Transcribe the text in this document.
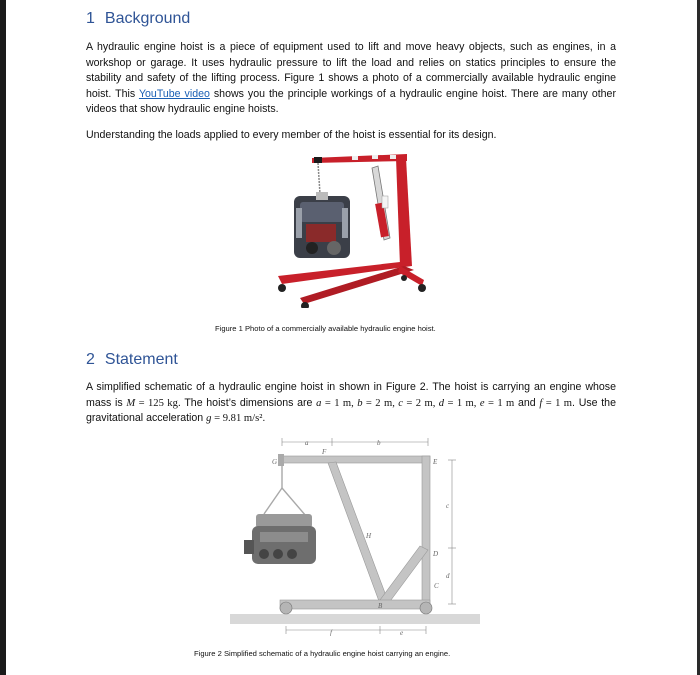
1 Background
A hydraulic engine hoist is a piece of equipment used to lift and move heavy objects, such as engines, in a workshop or garage. It uses hydraulic pressure to lift the load and relies on statics principles to ensure the stability and safety of the lifting process. Figure 1 shows a photo of a commercially available hydraulic engine hoist. This YouTube video shows you the principle workings of a hydraulic engine hoist. There are many other videos that show hydraulic engine hoists.
Understanding the loads applied to every member of the hoist is essential for its design.
Figure 1 Photo of a commercially available hydraulic engine hoist.
2 Statement
A simplified schematic of a hydraulic engine hoist in shown in Figure 2. The hoist is carrying an engine whose mass is M = 125 kg. The hoist’s dimensions are a = 1 m, b = 2 m, c = 2 m, d = 1 m, e = 1 m and f = 1 m. Use the gravitational acceleration g = 9.81 m/s².
a	b
G
F
E
H
D
C
B
c
d
f	e
Figure 2 Simplified schematic of a hydraulic engine hoist carrying an engine.
